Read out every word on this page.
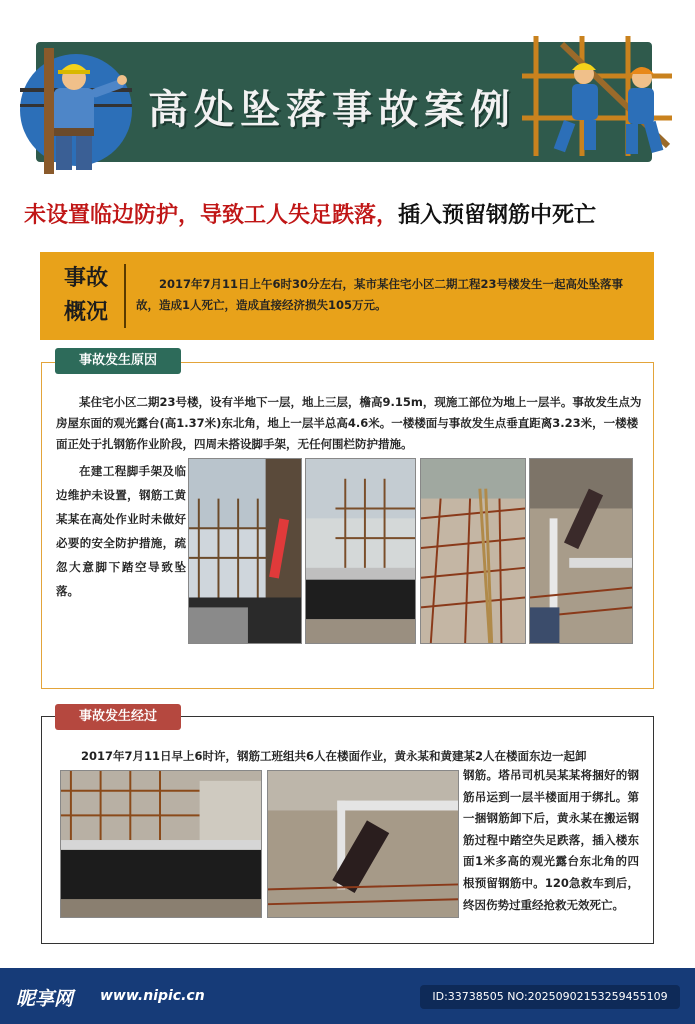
高处坠落事故案例
未设置临边防护，导致工人失足跌落，插入预留钢筋中死亡
事故
概况
2017年7月11日上午6时30分左右，某市某住宅小区二期工程23号楼发生一起高处坠落事故，造成1人死亡，造成直接经济损失105万元。
事故发生原因
某住宅小区二期23号楼，设有半地下一层，地上三层，檐高9.15m，现施工部位为地上一层半。事故发生点为房屋东面的观光露台(高1.37米)东北角，地上一层半总高4.6米。一楼楼面与事故发生点垂直距离3.23米，一楼楼面正处于扎钢筋作业阶段，四周未搭设脚手架，无任何围栏防护措施。
在建工程脚手架及临边维护未设置，钢筋工黄某某在高处作业时未做好必要的安全防护措施，疏忽大意脚下踏空导致坠落。
事故发生经过
2017年7月11日早上6时许，钢筋工班组共6人在楼面作业，黄永某和黄建某2人在楼面东边一起卸
钢筋。塔吊司机吴某某将捆好的钢筋吊运到一层半楼面用于绑扎。第一捆钢筋卸下后，黄永某在搬运钢筋过程中踏空失足跌落，插入楼东面1米多高的观光露台东北角的四根预留钢筋中。120急救车到后，终因伤势过重经抢救无效死亡。
昵享网 www.nipic.cn	ID:33738505 NO:20250902153259455109
